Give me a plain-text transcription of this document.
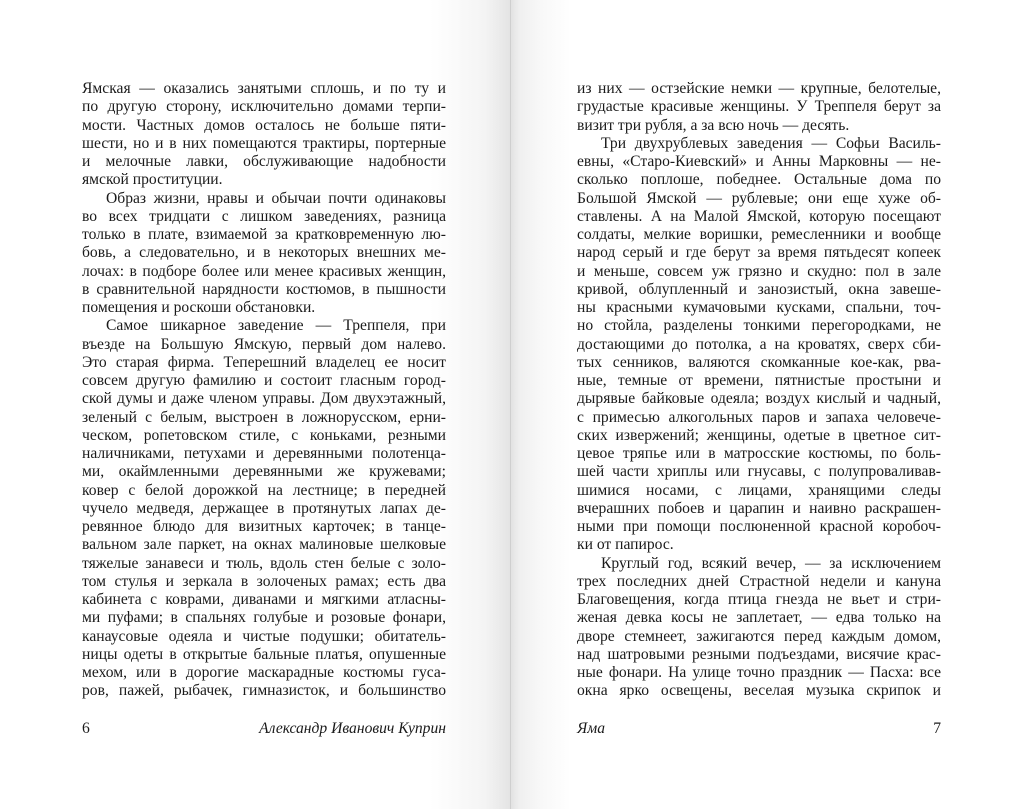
Ямская — оказались занятыми сплошь, и по ту и
по другую сторону, исключительно домами терпи-
мости. Частных домов осталось не больше пяти-
шести, но и в них помещаются трактиры, портерные
и мелочные лавки, обслуживающие надобности
ямской проституции.
Образ жизни, нравы и обычаи почти одинаковы
во всех тридцати с лишком заведениях, разница
только в плате, взимаемой за кратковременную лю-
бовь, а следовательно, и в некоторых внешних ме-
лочах: в подборе более или менее красивых женщин,
в сравнительной нарядности костюмов, в пышности
помещения и роскоши обстановки.
Самое шикарное заведение — Треппеля, при
въезде на Большую Ямскую, первый дом налево.
Это старая фирма. Теперешний владелец ее носит
совсем другую фамилию и состоит гласным город-
ской думы и даже членом управы. Дом двухэтажный,
зеленый с белым, выстроен в ложнорусском, ерни-
ческом, ропетовском стиле, с коньками, резными
наличниками, петухами и деревянными полотенца-
ми, окаймленными деревянными же кружевами;
ковер с белой дорожкой на лестнице; в передней
чучело медведя, держащее в протянутых лапах де-
ревянное блюдо для визитных карточек; в танце-
вальном зале паркет, на окнах малиновые шелковые
тяжелые занавеси и тюль, вдоль стен белые с золо-
том стулья и зеркала в золоченых рамах; есть два
кабинета с коврами, диванами и мягкими атласны-
ми пуфами; в спальнях голубые и розовые фонари,
канаусовые одеяла и чистые подушки; обитатель-
ницы одеты в открытые бальные платья, опушенные
мехом, или в дорогие маскарадные костюмы гуса-
ров, пажей, рыбачек, гимназисток, и большинство
6	Александр Иванович Куприн
из них — остзейские немки — крупные, белотелые,
грудастые красивые женщины. У Треппеля берут за
визит три рубля, а за всю ночь — десять.
Три двухрублевых заведения — Софьи Василь-
евны, «Старо-Киевский» и Анны Марковны — не-
сколько поплоше, победнее. Остальные дома по
Большой Ямской — рублевые; они еще хуже об-
ставлены. А на Малой Ямской, которую посещают
солдаты, мелкие воришки, ремесленники и вообще
народ серый и где берут за время пятьдесят копеек
и меньше, совсем уж грязно и скудно: пол в зале
кривой, облупленный и занозистый, окна завеше-
ны красными кумачовыми кусками, спальни, точ-
но стойла, разделены тонкими перегородками, не
достающими до потолка, а на кроватях, сверх сби-
тых сенников, валяются скомканные кое-как, рва-
ные, темные от времени, пятнистые простыни и
дырявые байковые одеяла; воздух кислый и чадный,
с примесью алкогольных паров и запаха человече-
ских извержений; женщины, одетые в цветное сит-
цевое тряпье или в матросские костюмы, по боль-
шей части хриплы или гнусавы, с полупроваливав-
шимися носами, с лицами, хранящими следы
вчерашних побоев и царапин и наивно раскрашен-
ными при помощи послюненной красной коробоч-
ки от папирос.
Круглый год, всякий вечер, — за исключением
трех последних дней Страстной недели и кануна
Благовещения, когда птица гнезда не вьет и стри-
женая девка косы не заплетает, — едва только на
дворе стемнеет, зажигаются перед каждым домом,
над шатровыми резными подъездами, висячие крас-
ные фонари. На улице точно праздник — Пасха: все
окна ярко освещены, веселая музыка скрипок и
Яма	7
